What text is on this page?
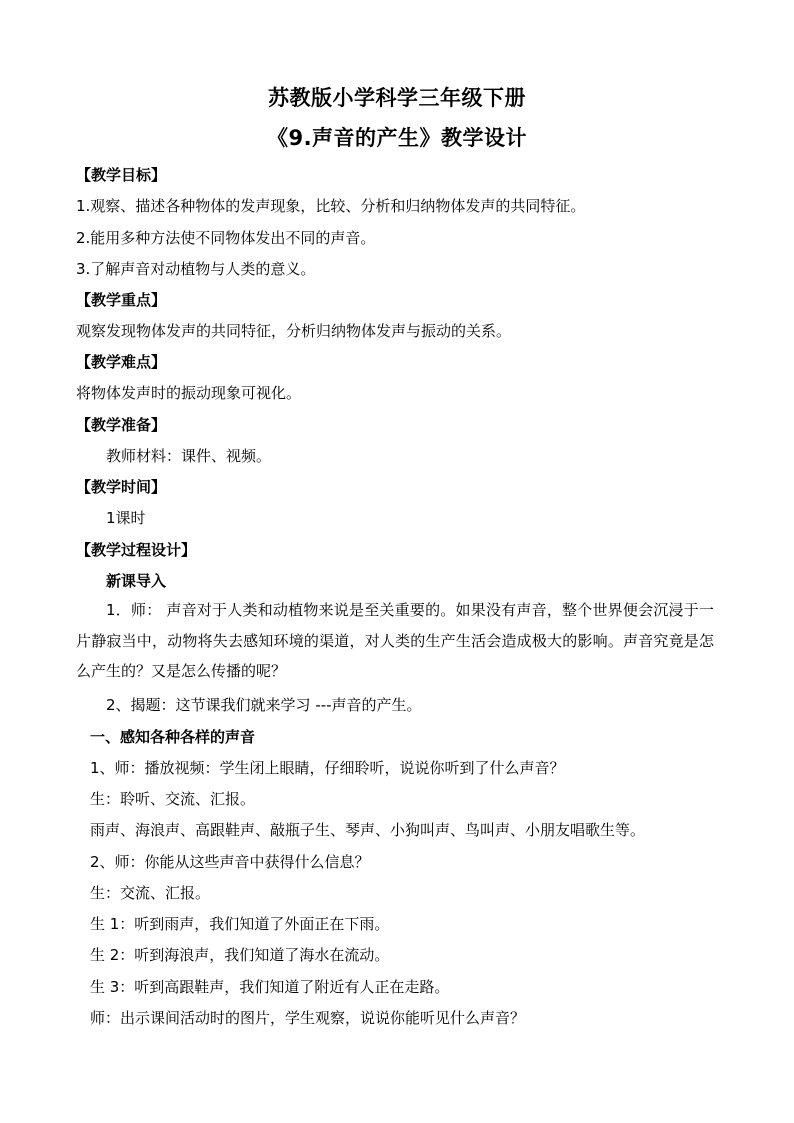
苏教版小学科学三年级下册
《9.声音的产生》教学设计
【教学目标】
1.观察、描述各种物体的发声现象，比较、分析和归纳物体发声的共同特征。
2.能用多种方法使不同物体发出不同的声音。
3.了解声音对动植物与人类的意义。
【教学重点】
观察发现物体发声的共同特征，分析归纳物体发声与振动的关系。
【教学难点】
将物体发声时的振动现象可视化。
【教学准备】
教师材料：课件、视频。
【教学时间】
1课时
【教学过程设计】
新课导入
1．师： 声音对于人类和动植物来说是至关重要的。如果没有声音，整个世界便会沉浸于一片静寂当中，动物将失去感知环境的渠道，对人类的生产生活会造成极大的影响。声音究竟是怎么产生的？又是怎么传播的呢？
2、揭题：这节课我们就来学习 ---声音的产生。
一、感知各种各样的声音
1、师：播放视频：学生闭上眼睛，仔细聆听，说说你听到了什么声音？
生：聆听、交流、汇报。
雨声、海浪声、高跟鞋声、敲瓶子生、琴声、小狗叫声、鸟叫声、小朋友唱歌生等。
2、师：你能从这些声音中获得什么信息？
生：交流、汇报。
生 1：听到雨声，我们知道了外面正在下雨。
生 2：听到海浪声，我们知道了海水在流动。
生 3：听到高跟鞋声，我们知道了附近有人正在走路。
师：出示课间活动时的图片，学生观察，说说你能听见什么声音？
